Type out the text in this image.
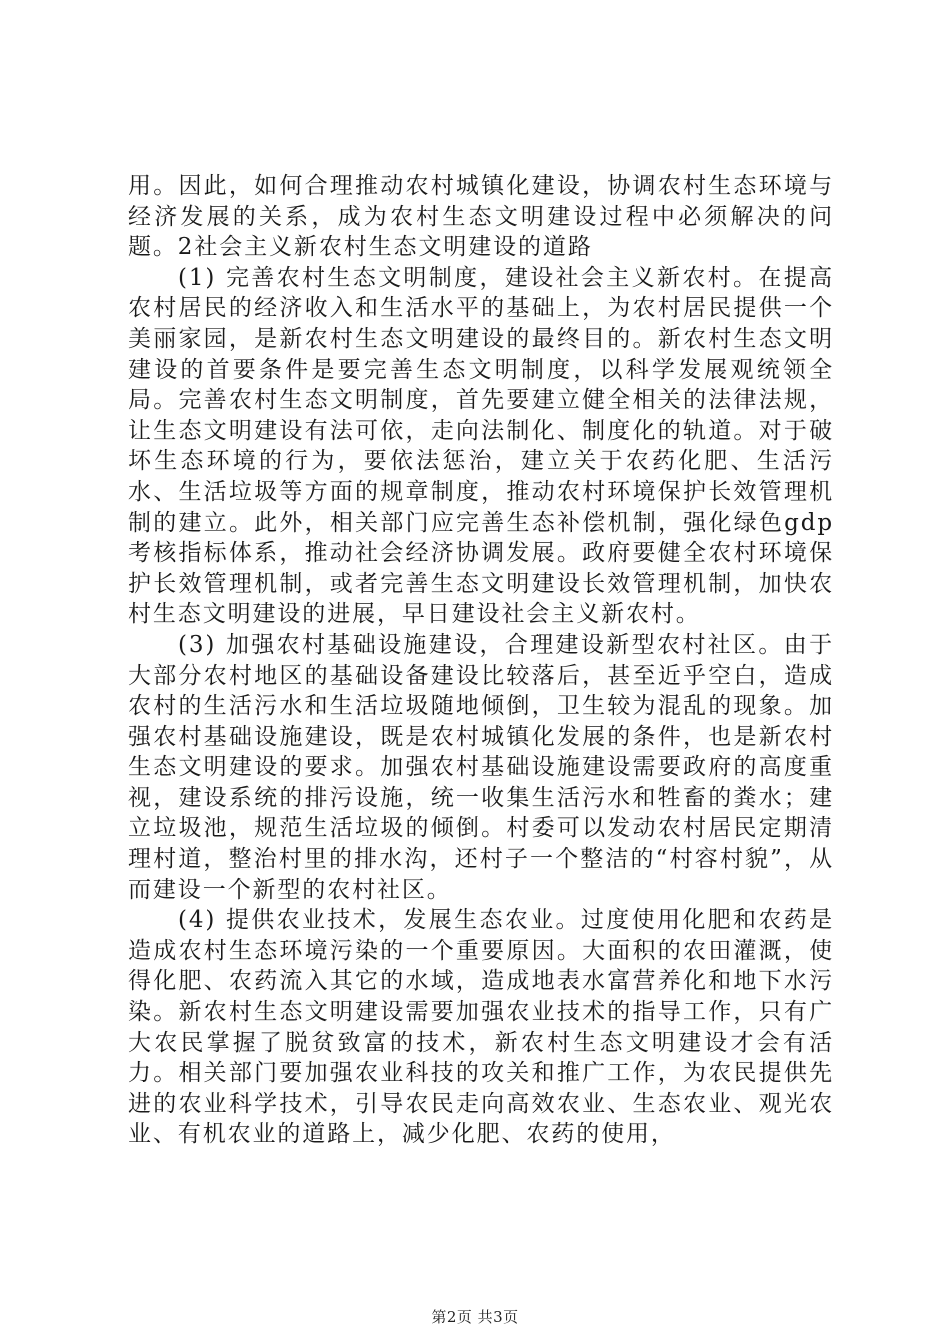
用。因此，如何合理推动农村城镇化建设，协调农村生态环境与经济发展的关系，成为农村生态文明建设过程中必须解决的问题。2社会主义新农村生态文明建设的道路

(1) 完善农村生态文明制度，建设社会主义新农村。在提高农村居民的经济收入和生活水平的基础上，为农村居民提供一个美丽家园，是新农村生态文明建设的最终目的。新农村生态文明建设的首要条件是要完善生态文明制度，以科学发展观统领全局。完善农村生态文明制度，首先要建立健全相关的法律法规，让生态文明建设有法可依，走向法制化、制度化的轨道。对于破坏生态环境的行为，要依法惩治，建立关于农药化肥、生活污水、生活垃圾等方面的规章制度，推动农村环境保护长效管理机制的建立。此外，相关部门应完善生态补偿机制，强化绿色gdp考核指标体系，推动社会经济协调发展。政府要健全农村环境保护长效管理机制，或者完善生态文明建设长效管理机制，加快农村生态文明建设的进展，早日建设社会主义新农村。

(3) 加强农村基础设施建设，合理建设新型农村社区。由于大部分农村地区的基础设备建设比较落后，甚至近乎空白，造成农村的生活污水和生活垃圾随地倾倒，卫生较为混乱的现象。加强农村基础设施建设，既是农村城镇化发展的条件，也是新农村生态文明建设的要求。加强农村基础设施建设需要政府的高度重视，建设系统的排污设施，统一收集生活污水和牲畜的粪水；建立垃圾池，规范生活垃圾的倾倒。村委可以发动农村居民定期清理村道，整治村里的排水沟，还村子一个整洁的“村容村貌”，从而建设一个新型的农村社区。

(4) 提供农业技术，发展生态农业。过度使用化肥和农药是造成农村生态环境污染的一个重要原因。大面积的农田灌溉，使得化肥、农药流入其它的水域，造成地表水富营养化和地下水污染。新农村生态文明建设需要加强农业技术的指导工作，只有广大农民掌握了脱贫致富的技术，新农村生态文明建设才会有活力。相关部门要加强农业科技的攻关和推广工作，为农民提供先进的农业科学技术，引导农民走向高效农业、生态农业、观光农业、有机农业的道路上，减少化肥、农药的使用，

第2页 共3页
